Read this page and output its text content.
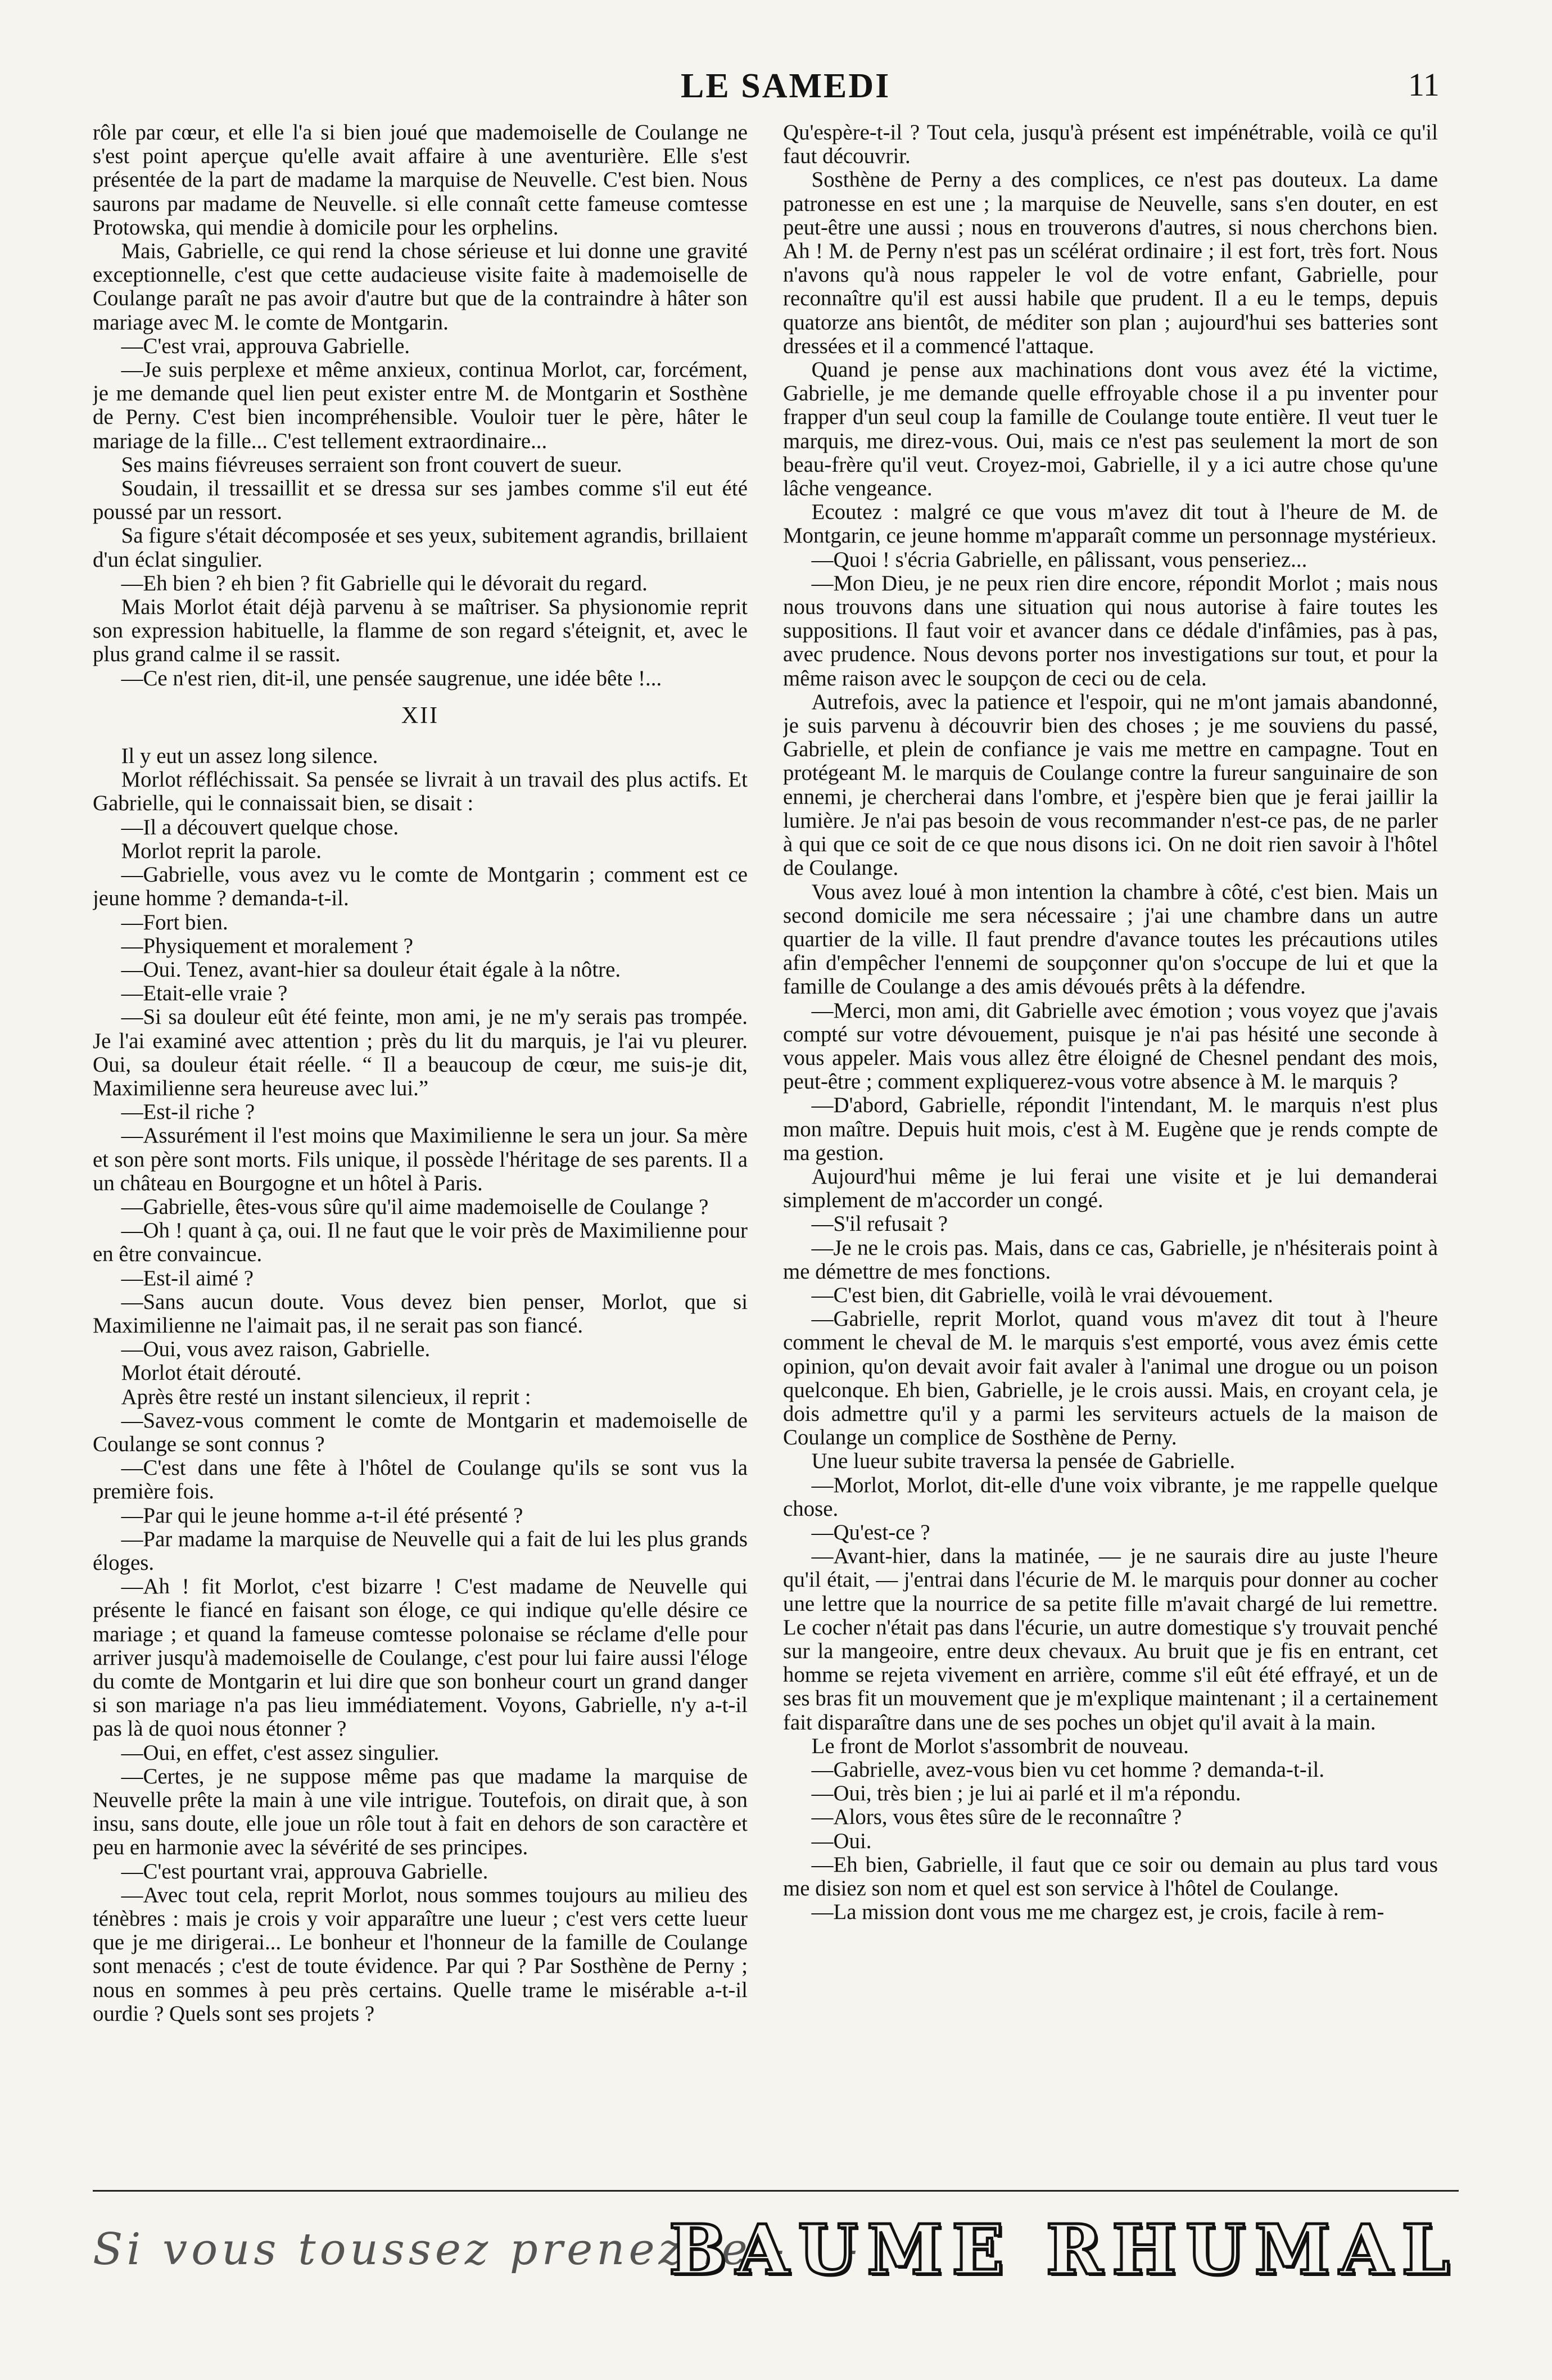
LE SAMEDI	11

rôle par cœur, et elle l'a si bien joué que mademoiselle de Coulange ne s'est point aperçue qu'elle avait affaire à une aventurière. Elle s'est présentée de la part de madame la marquise de Neuvelle. C'est bien. Nous saurons par madame de Neuvelle. si elle connaît cette fameuse comtesse Protowska, qui mendie à domicile pour les orphelins.

Mais, Gabrielle, ce qui rend la chose sérieuse et lui donne une gravité exceptionnelle, c'est que cette audacieuse visite faite à mademoiselle de Coulange paraît ne pas avoir d'autre but que de la contraindre à hâter son mariage avec M. le comte de Montgarin.

—C'est vrai, approuva Gabrielle.

—Je suis perplexe et même anxieux, continua Morlot, car, forcément, je me demande quel lien peut exister entre M. de Montgarin et Sosthène de Perny. C'est bien incompréhensible. Vouloir tuer le père, hâter le mariage de la fille... C'est tellement extraordinaire...

Ses mains fiévreuses serraient son front couvert de sueur.

Soudain, il tressaillit et se dressa sur ses jambes comme s'il eut été poussé par un ressort.

Sa figure s'était décomposée et ses yeux, subitement agrandis, brillaient d'un éclat singulier.

—Eh bien ? eh bien ? fit Gabrielle qui le dévorait du regard.

Mais Morlot était déjà parvenu à se maîtriser. Sa physionomie reprit son expression habituelle, la flamme de son regard s'éteignit, et, avec le plus grand calme il se rassit.

—Ce n'est rien, dit-il, une pensée saugrenue, une idée bête !...

XII

Il y eut un assez long silence.

Morlot réfléchissait. Sa pensée se livrait à un travail des plus actifs. Et Gabrielle, qui le connaissait bien, se disait :

—Il a découvert quelque chose.

Morlot reprit la parole.

—Gabrielle, vous avez vu le comte de Montgarin ; comment est ce jeune homme ? demanda-t-il.

—Fort bien.

—Physiquement et moralement ?

—Oui. Tenez, avant-hier sa douleur était égale à la nôtre.

—Etait-elle vraie ?

—Si sa douleur eût été feinte, mon ami, je ne m'y serais pas trompée. Je l'ai examiné avec attention ; près du lit du marquis, je l'ai vu pleurer. Oui, sa douleur était réelle. “ Il a beaucoup de cœur, me suis-je dit, Maximilienne sera heureuse avec lui.”

—Est-il riche ?

—Assurément il l'est moins que Maximilienne le sera un jour. Sa mère et son père sont morts. Fils unique, il possède l'héritage de ses parents. Il a un château en Bourgogne et un hôtel à Paris.

—Gabrielle, êtes-vous sûre qu'il aime mademoiselle de Coulange ?

—Oh ! quant à ça, oui. Il ne faut que le voir près de Maximilienne pour en être convaincue.

—Est-il aimé ?

—Sans aucun doute. Vous devez bien penser, Morlot, que si Maximilienne ne l'aimait pas, il ne serait pas son fiancé.

—Oui, vous avez raison, Gabrielle.

Morlot était dérouté.

Après être resté un instant silencieux, il reprit :

—Savez-vous comment le comte de Montgarin et mademoiselle de Coulange se sont connus ?

—C'est dans une fête à l'hôtel de Coulange qu'ils se sont vus la première fois.

—Par qui le jeune homme a-t-il été présenté ?

—Par madame la marquise de Neuvelle qui a fait de lui les plus grands éloges.

—Ah ! fit Morlot, c'est bizarre ! C'est madame de Neuvelle qui présente le fiancé en faisant son éloge, ce qui indique qu'elle désire ce mariage ; et quand la fameuse comtesse polonaise se réclame d'elle pour arriver jusqu'à mademoiselle de Coulange, c'est pour lui faire aussi l'éloge du comte de Montgarin et lui dire que son bonheur court un grand danger si son mariage n'a pas lieu immédiatement. Voyons, Gabrielle, n'y a-t-il pas là de quoi nous étonner ?

—Oui, en effet, c'est assez singulier.

—Certes, je ne suppose même pas que madame la marquise de Neuvelle prête la main à une vile intrigue. Toutefois, on dirait que, à son insu, sans doute, elle joue un rôle tout à fait en dehors de son caractère et peu en harmonie avec la sévérité de ses principes.

—C'est pourtant vrai, approuva Gabrielle.

—Avec tout cela, reprit Morlot, nous sommes toujours au milieu des ténèbres : mais je crois y voir apparaître une lueur ; c'est vers cette lueur que je me dirigerai... Le bonheur et l'honneur de la famille de Coulange sont menacés ; c'est de toute évidence. Par qui ? Par Sosthène de Perny ; nous en sommes à peu près certains. Quelle trame le misérable a-t-il ourdie ? Quels sont ses projets ?

Qu'espère-t-il ? Tout cela, jusqu'à présent est impénétrable, voilà ce qu'il faut découvrir.

Sosthène de Perny a des complices, ce n'est pas douteux. La dame patronesse en est une ; la marquise de Neuvelle, sans s'en douter, en est peut-être une aussi ; nous en trouverons d'autres, si nous cherchons bien. Ah ! M. de Perny n'est pas un scélérat ordinaire ; il est fort, très fort. Nous n'avons qu'à nous rappeler le vol de votre enfant, Gabrielle, pour reconnaître qu'il est aussi habile que prudent. Il a eu le temps, depuis quatorze ans bientôt, de méditer son plan ; aujourd'hui ses batteries sont dressées et il a commencé l'attaque.

Quand je pense aux machinations dont vous avez été la victime, Gabrielle, je me demande quelle effroyable chose il a pu inventer pour frapper d'un seul coup la famille de Coulange toute entière. Il veut tuer le marquis, me direz-vous. Oui, mais ce n'est pas seulement la mort de son beau-frère qu'il veut. Croyez-moi, Gabrielle, il y a ici autre chose qu'une lâche vengeance.

Ecoutez : malgré ce que vous m'avez dit tout à l'heure de M. de Montgarin, ce jeune homme m'apparaît comme un personnage mystérieux.

—Quoi ! s'écria Gabrielle, en pâlissant, vous penseriez...

—Mon Dieu, je ne peux rien dire encore, répondit Morlot ; mais nous nous trouvons dans une situation qui nous autorise à faire toutes les suppositions. Il faut voir et avancer dans ce dédale d'infâmies, pas à pas, avec prudence. Nous devons porter nos investigations sur tout, et pour la même raison avec le soupçon de ceci ou de cela.

Autrefois, avec la patience et l'espoir, qui ne m'ont jamais abandonné, je suis parvenu à découvrir bien des choses ; je me souviens du passé, Gabrielle, et plein de confiance je vais me mettre en campagne. Tout en protégeant M. le marquis de Coulange contre la fureur sanguinaire de son ennemi, je chercherai dans l'ombre, et j'espère bien que je ferai jaillir la lumière. Je n'ai pas besoin de vous recommander n'est-ce pas, de ne parler à qui que ce soit de ce que nous disons ici. On ne doit rien savoir à l'hôtel de Coulange.

Vous avez loué à mon intention la chambre à côté, c'est bien. Mais un second domicile me sera nécessaire ; j'ai une chambre dans un autre quartier de la ville. Il faut prendre d'avance toutes les précautions utiles afin d'empêcher l'ennemi de soupçonner qu'on s'occupe de lui et que la famille de Coulange a des amis dévoués prêts à la défendre.

—Merci, mon ami, dit Gabrielle avec émotion ; vous voyez que j'avais compté sur votre dévouement, puisque je n'ai pas hésité une seconde à vous appeler. Mais vous allez être éloigné de Chesnel pendant des mois, peut-être ; comment expliquerez-vous votre absence à M. le marquis ?

—D'abord, Gabrielle, répondit l'intendant, M. le marquis n'est plus mon maître. Depuis huit mois, c'est à M. Eugène que je rends compte de ma gestion.

Aujourd'hui même je lui ferai une visite et je lui demanderai simplement de m'accorder un congé.

—S'il refusait ?

—Je ne le crois pas. Mais, dans ce cas, Gabrielle, je n'hésiterais point à me démettre de mes fonctions.

—C'est bien, dit Gabrielle, voilà le vrai dévouement.

—Gabrielle, reprit Morlot, quand vous m'avez dit tout à l'heure comment le cheval de M. le marquis s'est emporté, vous avez émis cette opinion, qu'on devait avoir fait avaler à l'animal une drogue ou un poison quelconque. Eh bien, Gabrielle, je le crois aussi. Mais, en croyant cela, je dois admettre qu'il y a parmi les serviteurs actuels de la maison de Coulange un complice de Sosthène de Perny.

Une lueur subite traversa la pensée de Gabrielle.

—Morlot, Morlot, dit-elle d'une voix vibrante, je me rappelle quelque chose.

—Qu'est-ce ?

—Avant-hier, dans la matinée, — je ne saurais dire au juste l'heure qu'il était, — j'entrai dans l'écurie de M. le marquis pour donner au cocher une lettre que la nourrice de sa petite fille m'avait chargé de lui remettre. Le cocher n'était pas dans l'écurie, un autre domestique s'y trouvait penché sur la mangeoire, entre deux chevaux. Au bruit que je fis en entrant, cet homme se rejeta vivement en arrière, comme s'il eût été effrayé, et un de ses bras fit un mouvement que je m'explique maintenant ; il a certainement fait disparaître dans une de ses poches un objet qu'il avait à la main.

Le front de Morlot s'assombrit de nouveau.

—Gabrielle, avez-vous bien vu cet homme ? demanda-t-il.

—Oui, très bien ; je lui ai parlé et il m'a répondu.

—Alors, vous êtes sûre de le reconnaître ?

—Oui.

—Eh bien, Gabrielle, il faut que ce soir ou demain au plus tard vous me disiez son nom et quel est son service à l'hôtel de Coulange.

—La mission dont vous me me chargez est, je crois, facile à rem-

Si vous toussez prenez le - - -
BAUME RHUMAL
